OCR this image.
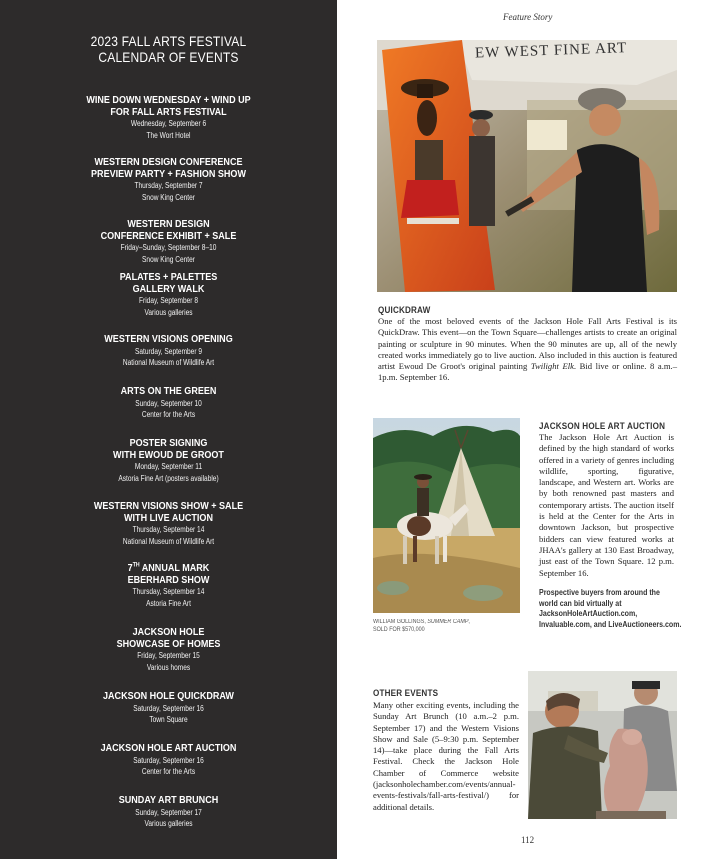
2023 FALL ARTS FESTIVAL
CALENDAR OF EVENTS
WINE DOWN WEDNESDAY + WIND UP
FOR FALL ARTS FESTIVAL
Wednesday, September 6
The Wort Hotel
WESTERN DESIGN CONFERENCE
PREVIEW PARTY + FASHION SHOW
Thursday, September 7
Snow King Center
WESTERN DESIGN
CONFERENCE EXHIBIT + SALE
Friday–Sunday, September 8–10
Snow King Center
PALATES + PALETTES
GALLERY WALK
Friday, September 8
Various galleries
WESTERN VISIONS OPENING
Saturday, September 9
National Museum of Wildlife Art
ARTS ON THE GREEN
Sunday, September 10
Center for the Arts
POSTER SIGNING
WITH EWOUD DE GROOT
Monday, September 11
Astoria Fine Art (posters available)
WESTERN VISIONS SHOW + SALE
WITH LIVE AUCTION
Thursday, September 14
National Museum of Wildlife Art
7TH ANNUAL MARK
EBERHARD SHOW
Thursday, September 14
Astoria Fine Art
JACKSON HOLE
SHOWCASE OF HOMES
Friday, September 15
Various homes
JACKSON HOLE QUICKDRAW
Saturday, September 16
Town Square
JACKSON HOLE ART AUCTION
Saturday, September 16
Center for the Arts
SUNDAY ART BRUNCH
Sunday, September 17
Various galleries
Feature Story
EW WEST FINE ART
QUICKDRAW
One of the most beloved events of the Jackson Hole Fall Arts Festival is its QuickDraw. This event—on the Town Square—challenges artists to create an original painting or sculpture in 90 minutes. When the 90 minutes are up, all of the newly created works immediately go to live auction. Also included in this auction is featured artist Ewoud De Groot's original painting Twilight Elk. Bid live or online. 8 a.m.–1p.m. September 16.
WILLIAM GOLLINGS, SUMMER CAMP,
SOLD FOR $570,000
JACKSON HOLE ART AUCTION
The Jackson Hole Art Auction is defined by the high standard of works offered in a variety of genres including wildlife, sporting, figurative, landscape, and Western art. Works are by both renowned past masters and contemporary artists. The auction itself is held at the Center for the Arts in downtown Jackson, but prospective bidders can view featured works at JHAA's gallery at 130 East Broadway, just east of the Town Square. 12 p.m. September 16.
Prospective buyers from around the
world can bid virtually at
JacksonHoleArtAuction.com,
Invaluable.com, and LiveAuctioneers.com.
OTHER EVENTS
Many other exciting events, including the Sunday Art Brunch (10 a.m.–2 p.m. September 17) and the Western Visions Show and Sale (5–9:30 p.m. September 14)—take place during the Fall Arts Festival. Check the Jackson Hole Chamber of Commerce website (jacksonholechamber.com/events/annual-events-festivals/fall-arts-festival/) for additional details.
112
